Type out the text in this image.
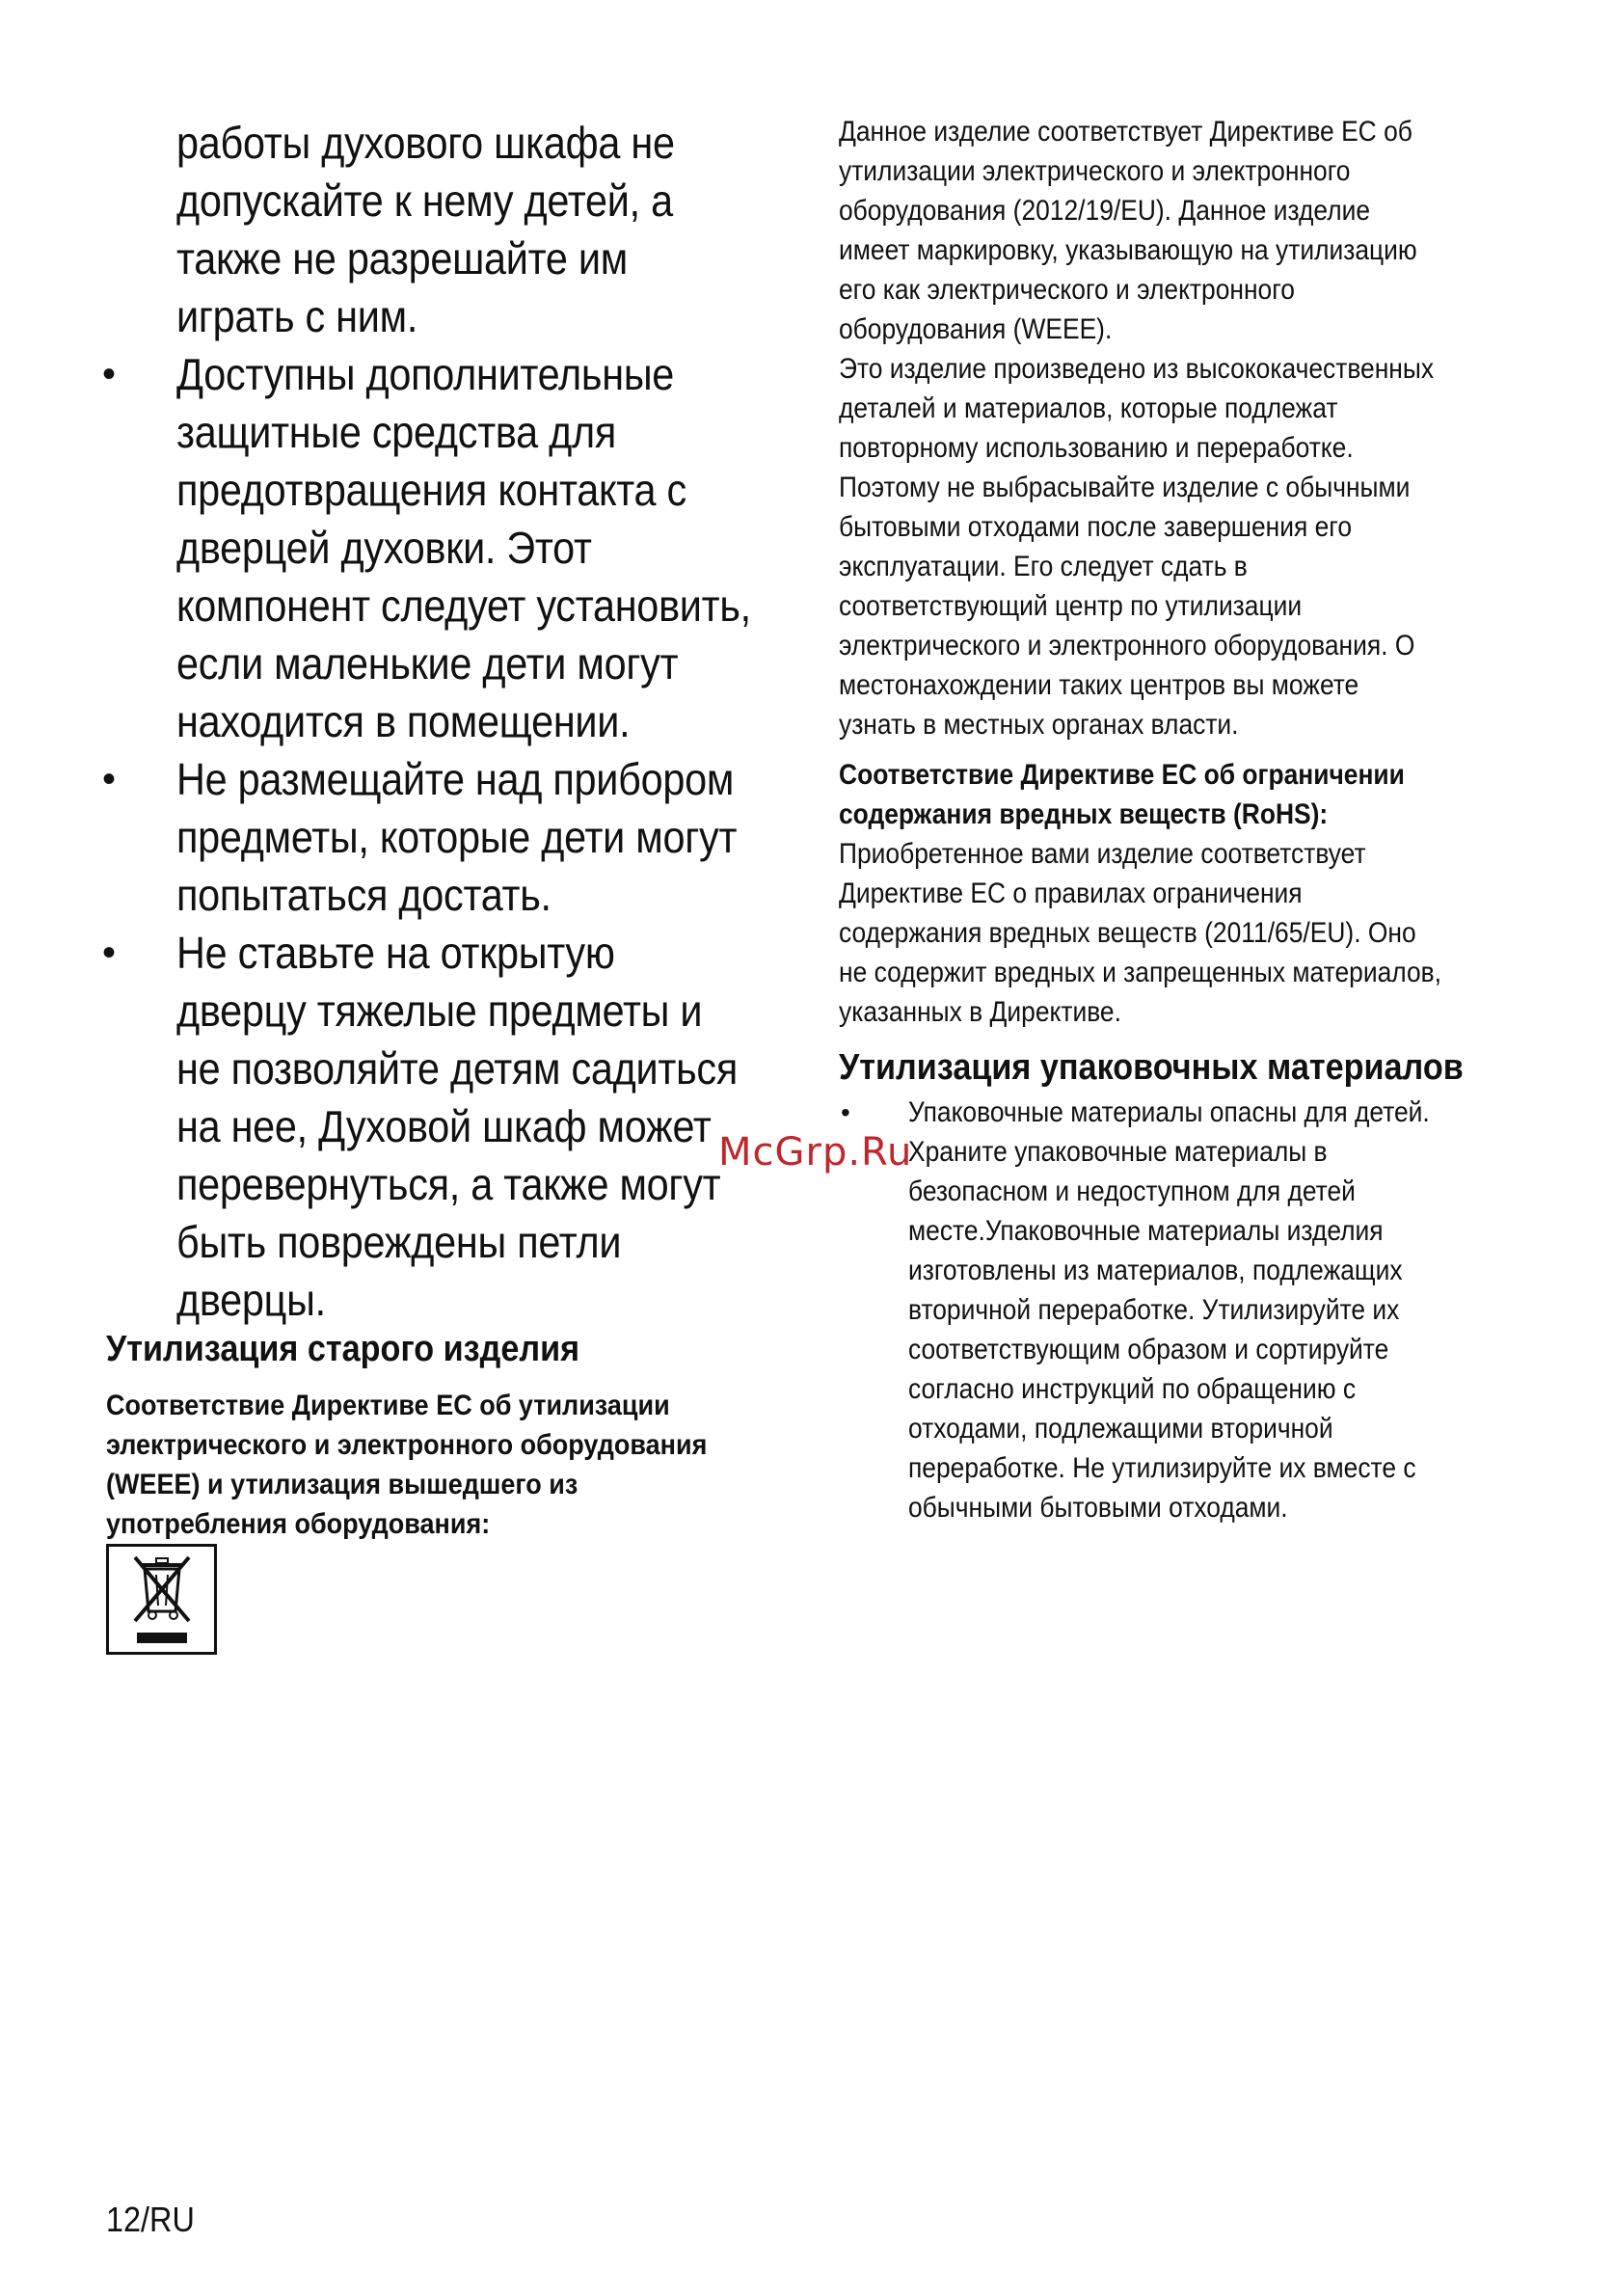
работы духового шкафа не
допускайте к нему детей, а
также не разрешайте им
играть с ним.
• Доступны дополнительные
защитные средства для
предотвращения контакта с
дверцей духовки. Этот
компонент следует установить,
если маленькие дети могут
находится в помещении.
• Не размещайте над прибором
предметы, которые дети могут
попытаться достать.
• Не ставьте на открытую
дверцу тяжелые предметы и
не позволяйте детям садиться
на нее, Духовой шкаф может
перевернуться, а также могут
быть повреждены петли
дверцы.
Утилизация старого изделия
Соответствие Директиве ЕС об утилизации
электрического и электронного оборудования
(WEEE) и утилизация вышедшего из
употребления оборудования:
Данное изделие соответствует Директиве ЕС об
утилизации электрического и электронного
оборудования (2012/19/EU). Данное изделие
имеет маркировку, указывающую на утилизацию
его как электрического и электронного
оборудования (WEEE).
Это изделие произведено из высококачественных
деталей и материалов, которые подлежат
повторному использованию и переработке.
Поэтому не выбрасывайте изделие с обычными
бытовыми отходами после завершения его
эксплуатации. Его следует сдать в
соответствующий центр по утилизации
электрического и электронного оборудования. О
местонахождении таких центров вы можете
узнать в местных органах власти.
Соответствие Директиве ЕС об ограничении
содержания вредных веществ (RoHS):
Приобретенное вами изделие соответствует
Директиве ЕС о правилах ограничения
содержания вредных веществ (2011/65/EU). Оно
не содержит вредных и запрещенных материалов,
указанных в Директиве.
Утилизация упаковочных материалов
• Упаковочные материалы опасны для детей.
Храните упаковочные материалы в
безопасном и недоступном для детей
месте.Упаковочные материалы изделия
изготовлены из материалов, подлежащих
вторичной переработке. Утилизируйте их
соответствующим образом и сортируйте
согласно инструкций по обращению с
отходами, подлежащими вторичной
переработке. Не утилизируйте их вместе с
обычными бытовыми отходами.
McGrp.Ru
12/RU
